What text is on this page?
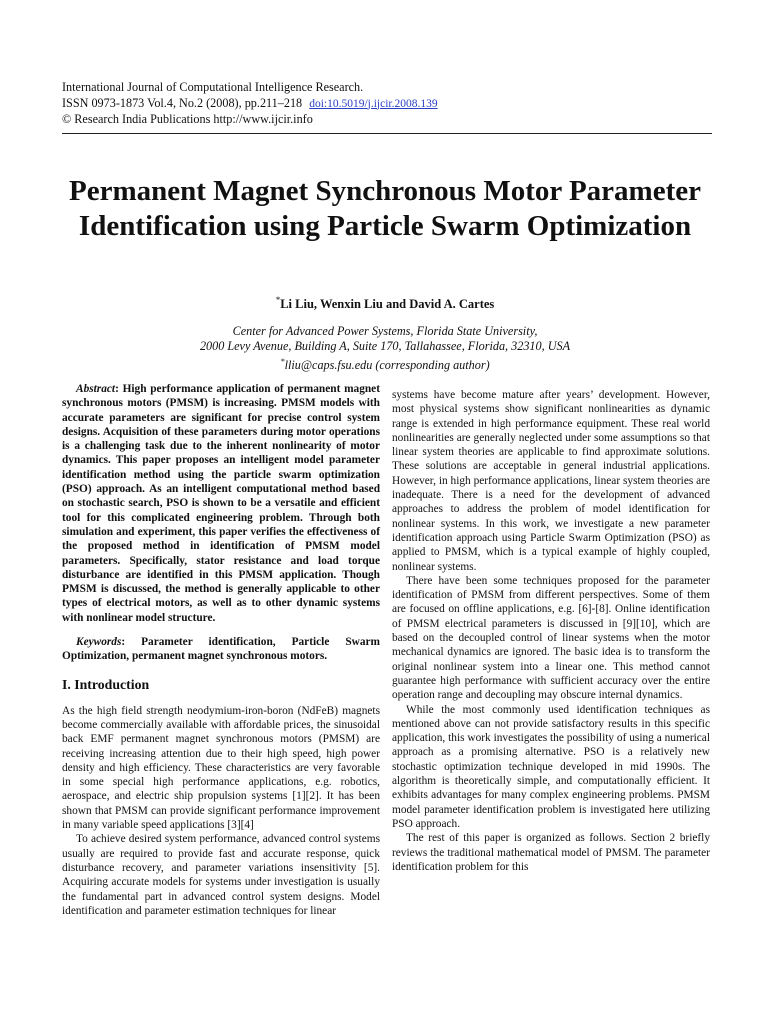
International Journal of Computational Intelligence Research.
ISSN 0973-1873 Vol.4, No.2 (2008), pp.211–218 doi:10.5019/j.ijcir.2008.139
© Research India Publications http://www.ijcir.info
Permanent Magnet Synchronous Motor Parameter Identification using Particle Swarm Optimization
*Li Liu, Wenxin Liu and David A. Cartes
Center for Advanced Power Systems, Florida State University,
2000 Levy Avenue, Building A, Suite 170, Tallahassee, Florida, 32310, USA
*lliu@caps.fsu.edu (corresponding author)

Abstract: High performance application of permanent magnet synchronous motors (PMSM) is increasing. PMSM models with accurate parameters are significant for precise control system designs. Acquisition of these parameters during motor operations is a challenging task due to the inherent nonlinearity of motor dynamics. This paper proposes an intelligent model parameter identification method using the particle swarm optimization (PSO) approach. As an intelligent computational method based on stochastic search, PSO is shown to be a versatile and efficient tool for this complicated engineering problem. Through both simulation and experiment, this paper verifies the effectiveness of the proposed method in identification of PMSM model parameters. Specifically, stator resistance and load torque disturbance are identified in this PMSM application. Though PMSM is discussed, the method is generally applicable to other types of electrical motors, as well as to other dynamic systems with nonlinear model structure.

Keywords: Parameter identification, Particle Swarm Optimization, permanent magnet synchronous motors.

I. Introduction

As the high field strength neodymium-iron-boron (NdFeB) magnets become commercially available with affordable prices, the sinusoidal back EMF permanent magnet synchronous motors (PMSM) are receiving increasing attention due to their high speed, high power density and high efficiency. These characteristics are very favorable in some special high performance applications, e.g. robotics, aerospace, and electric ship propulsion systems [1][2]. It has been shown that PMSM can provide significant performance improvement in many variable speed applications [3][4]

To achieve desired system performance, advanced control systems usually are required to provide fast and accurate response, quick disturbance recovery, and parameter variations insensitivity [5]. Acquiring accurate models for systems under investigation is usually the fundamental part in advanced control system designs. Model identification and parameter estimation techniques for linear

systems have become mature after years’ development. However, most physical systems show significant nonlinearities as dynamic range is extended in high performance equipment. These real world nonlinearities are generally neglected under some assumptions so that linear system theories are applicable to find approximate solutions. These solutions are acceptable in general industrial applications. However, in high performance applications, linear system theories are inadequate. There is a need for the development of advanced approaches to address the problem of model identification for nonlinear systems. In this work, we investigate a new parameter identification approach using Particle Swarm Optimization (PSO) as applied to PMSM, which is a typical example of highly coupled, nonlinear systems.

There have been some techniques proposed for the parameter identification of PMSM from different perspectives. Some of them are focused on offline applications, e.g. [6]-[8]. Online identification of PMSM electrical parameters is discussed in [9][10], which are based on the decoupled control of linear systems when the motor mechanical dynamics are ignored. The basic idea is to transform the original nonlinear system into a linear one. This method cannot guarantee high performance with sufficient accuracy over the entire operation range and decoupling may obscure internal dynamics.

While the most commonly used identification techniques as mentioned above can not provide satisfactory results in this specific application, this work investigates the possibility of using a numerical approach as a promising alternative. PSO is a relatively new stochastic optimization technique developed in mid 1990s. The algorithm is theoretically simple, and computationally efficient. It exhibits advantages for many complex engineering problems. PMSM model parameter identification problem is investigated here utilizing PSO approach.

The rest of this paper is organized as follows. Section 2 briefly reviews the traditional mathematical model of PMSM. The parameter identification problem for this
